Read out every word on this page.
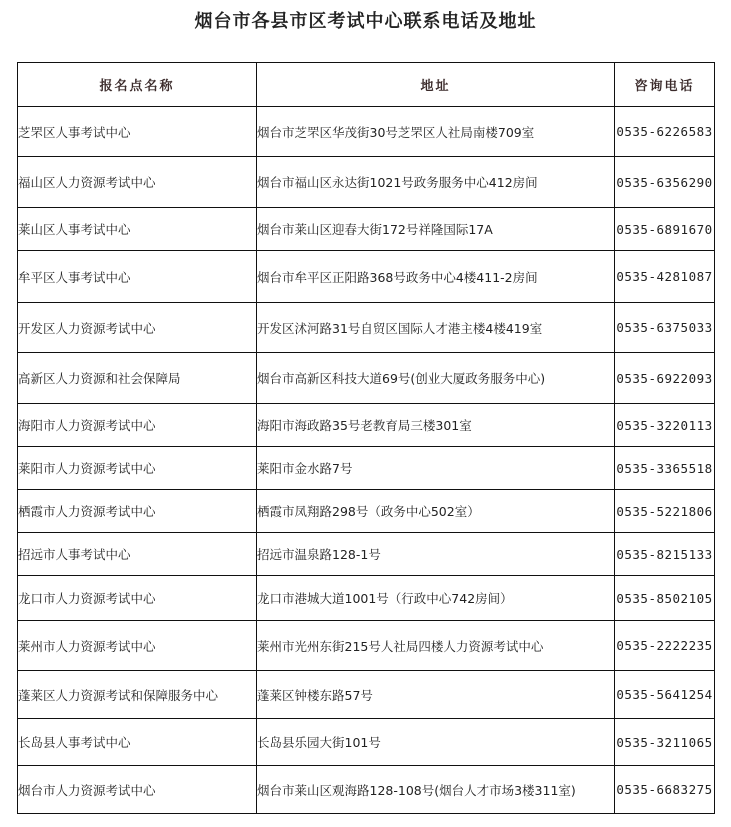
烟台市各县市区考试中心联系电话及地址
报名点名称	地址	咨询电话
芝罘区人事考试中心	烟台市芝罘区华茂街30号芝罘区人社局南楼709室	0535-6226583
福山区人力资源考试中心	烟台市福山区永达街1021号政务服务中心412房间	0535-6356290
莱山区人事考试中心	烟台市莱山区迎春大街172号祥隆国际17A	0535-6891670
牟平区人事考试中心	烟台市牟平区正阳路368号政务中心4楼411-2房间	0535-4281087
开发区人力资源考试中心	开发区沭河路31号自贸区国际人才港主楼4楼419室	0535-6375033
高新区人力资源和社会保障局	烟台市高新区科技大道69号(创业大厦政务服务中心)	0535-6922093
海阳市人力资源考试中心	海阳市海政路35号老教育局三楼301室	0535-3220113
莱阳市人力资源考试中心	莱阳市金水路7号	0535-3365518
栖霞市人力资源考试中心	栖霞市凤翔路298号（政务中心502室）	0535-5221806
招远市人事考试中心	招远市温泉路128-1号	0535-8215133
龙口市人力资源考试中心	龙口市港城大道1001号（行政中心742房间）	0535-8502105
莱州市人力资源考试中心	莱州市光州东街215号人社局四楼人力资源考试中心	0535-2222235
蓬莱区人力资源考试和保障服务中心	蓬莱区钟楼东路57号	0535-5641254
长岛县人事考试中心	长岛县乐园大街101号	0535-3211065
烟台市人力资源考试中心	烟台市莱山区观海路128-108号(烟台人才市场3楼311室)	0535-6683275
